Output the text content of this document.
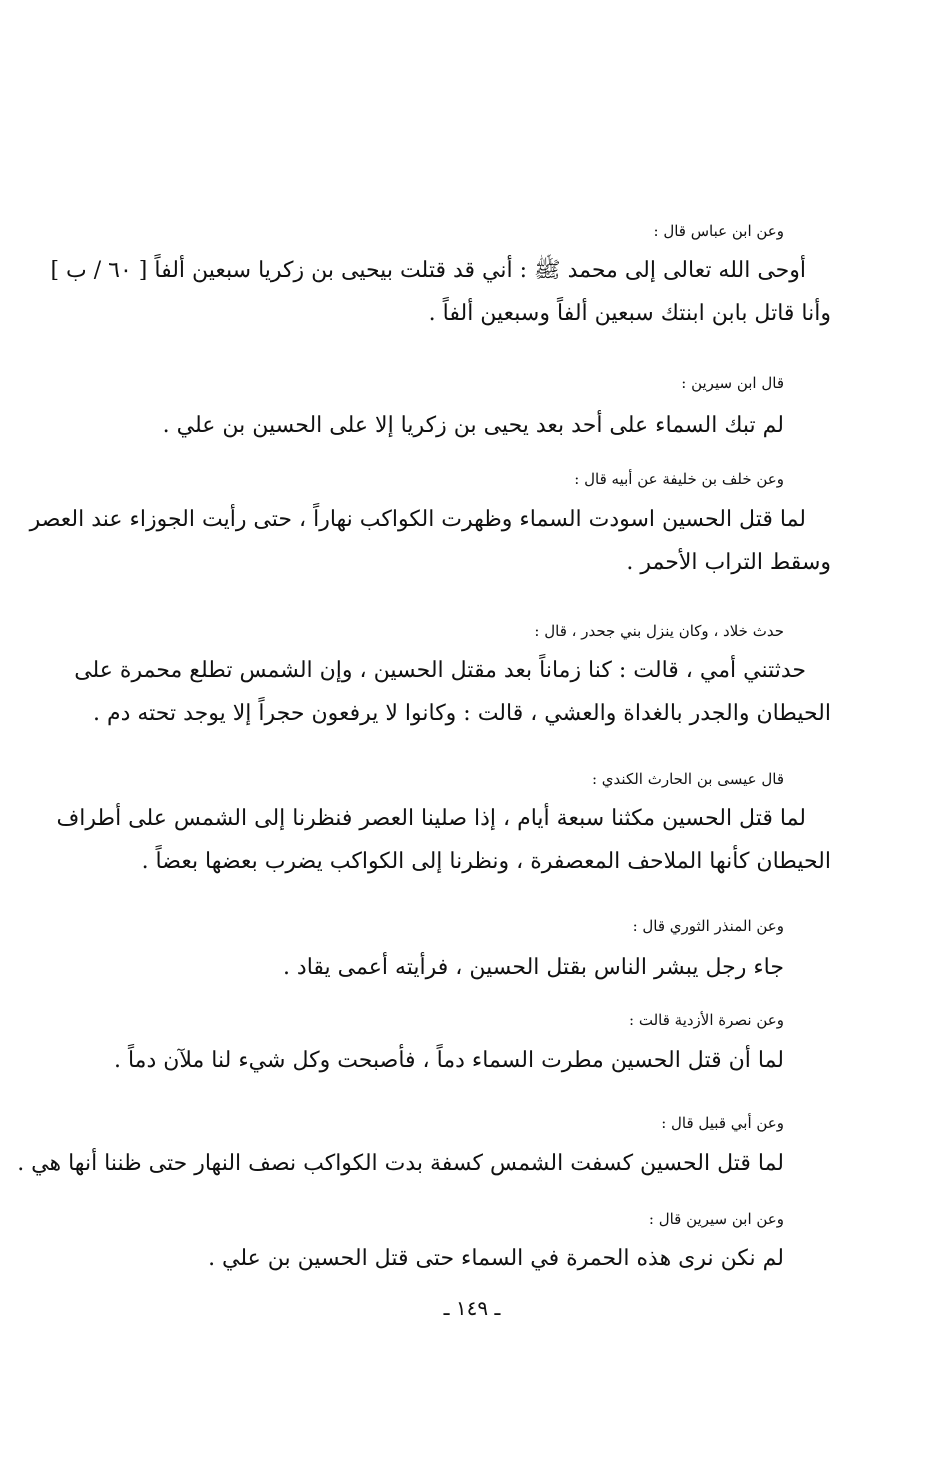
وعن ابن عباس قال :
أوحى الله تعالى إلى محمد ﷺ : أني قد قتلت بيحيى بن زكريا سبعين ألفاً [ ٦٠ / ب ]
وأنا قاتل بابن ابنتك سبعين ألفاً وسبعين ألفاً .
قال ابن سيرين :
لم تبك السماء على أحد بعد يحيى بن زكريا إلا على الحسين بن علي .
وعن خلف بن خليفة عن أبيه قال :
لما قتل الحسين اسودت السماء وظهرت الكواكب نهاراً ، حتى رأيت الجوزاء عند العصر
وسقط التراب الأحمر .
حدث خلاد ، وكان ينزل بني جحدر ، قال :
حدثتني أمي ، قالت : كنا زماناً بعد مقتل الحسين ، وإن الشمس تطلع محمرة على
الحيطان والجدر بالغداة والعشي ، قالت : وكانوا لا يرفعون حجراً إلا يوجد تحته دم .
قال عيسى بن الحارث الكندي :
لما قتل الحسين مكثنا سبعة أيام ، إذا صلينا العصر فنظرنا إلى الشمس على أطراف
الحيطان كأنها الملاحف المعصفرة ، ونظرنا إلى الكواكب يضرب بعضها بعضاً .
وعن المنذر الثوري قال :
جاء رجل يبشر الناس بقتل الحسين ، فرأيته أعمى يقاد .
وعن نصرة الأزدية قالت :
لما أن قتل الحسين مطرت السماء دماً ، فأصبحت وكل شيء لنا ملآن دماً .
وعن أبي قبيل قال :
لما قتل الحسين كسفت الشمس كسفة بدت الكواكب نصف النهار حتى ظننا أنها هي .
وعن ابن سيرين قال :
لم نكن نرى هذه الحمرة في السماء حتى قتل الحسين بن علي .
ـ ١٤٩ ـ
